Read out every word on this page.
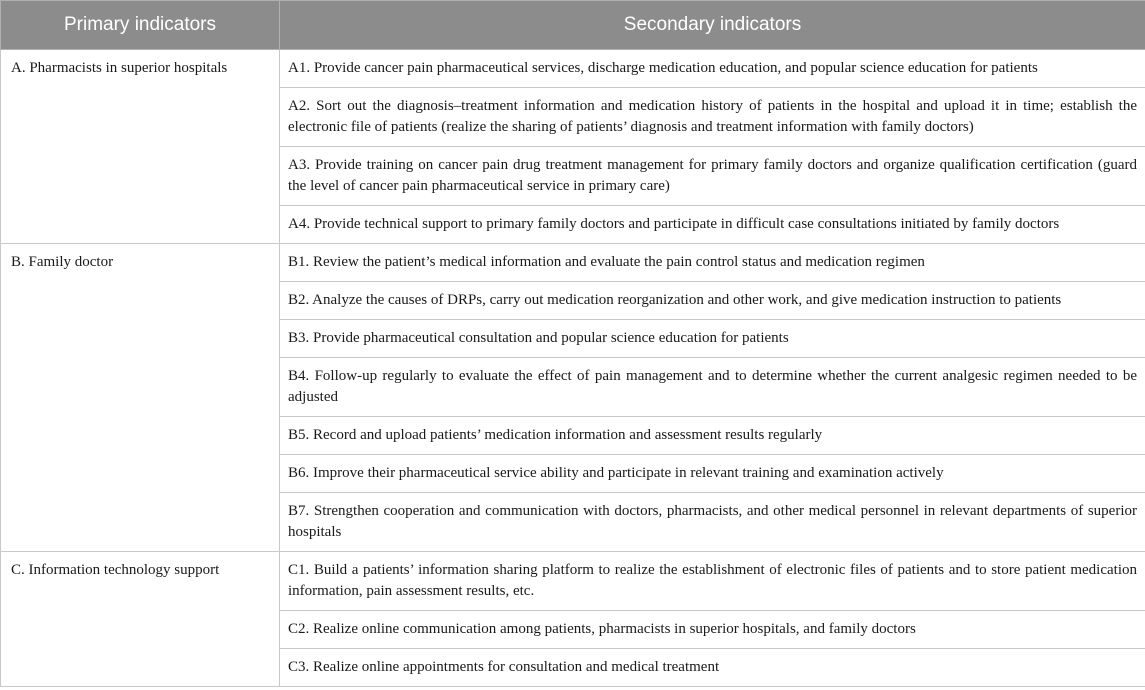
Primary indicators	Secondary indicators
A. Pharmacists in superior hospitals	A1. Provide cancer pain pharmaceutical services, discharge medication education, and popular science education for patients
	A2. Sort out the diagnosis–treatment information and medication history of patients in the hospital and upload it in time; establish the electronic file of patients (realize the sharing of patients’ diagnosis and treatment information with family doctors)
	A3. Provide training on cancer pain drug treatment management for primary family doctors and organize qualification certification (guard the level of cancer pain pharmaceutical service in primary care)
	A4. Provide technical support to primary family doctors and participate in difficult case consultations initiated by family doctors
B. Family doctor	B1. Review the patient’s medical information and evaluate the pain control status and medication regimen
	B2. Analyze the causes of DRPs, carry out medication reorganization and other work, and give medication instruction to patients
	B3. Provide pharmaceutical consultation and popular science education for patients
	B4. Follow-up regularly to evaluate the effect of pain management and to determine whether the current analgesic regimen needed to be adjusted
	B5. Record and upload patients’ medication information and assessment results regularly
	B6. Improve their pharmaceutical service ability and participate in relevant training and examination actively
	B7. Strengthen cooperation and communication with doctors, pharmacists, and other medical personnel in relevant departments of superior hospitals
C. Information technology support	C1. Build a patients’ information sharing platform to realize the establishment of electronic files of patients and to store patient medication information, pain assessment results, etc.
	C2. Realize online communication among patients, pharmacists in superior hospitals, and family doctors
	C3. Realize online appointments for consultation and medical treatment
